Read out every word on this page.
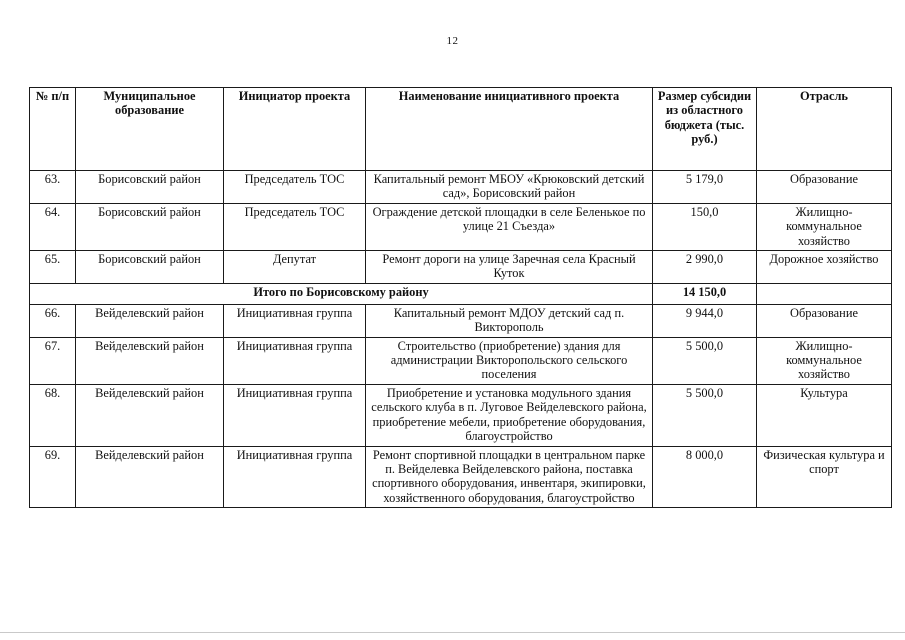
12
№ п/п	Муниципальное образование	Инициатор проекта	Наименование инициативного проекта	Размер субсидии из областного бюджета (тыс. руб.)	Отрасль
63.	Борисовский район	Председатель ТОС	Капитальный ремонт МБОУ «Крюковский детский сад», Борисовский район	5 179,0	Образование
64.	Борисовский район	Председатель ТОС	Ограждение детской площадки в селе Беленькое по улице 21 Съезда»	150,0	Жилищно-коммунальное хозяйство
65.	Борисовский район	Депутат	Ремонт дороги на улице Заречная села Красный Куток	2 990,0	Дорожное хозяйство
Итого по Борисовскому району				14 150,0	
66.	Вейделевский район	Инициативная группа	Капитальный ремонт МДОУ детский сад п. Викторополь	9 944,0	Образование
67.	Вейделевский район	Инициативная группа	Строительство (приобретение) здания для администрации Викторопольского сельского поселения	5 500,0	Жилищно-коммунальное хозяйство
68.	Вейделевский район	Инициативная группа	Приобретение и установка модульного здания сельского клуба в п. Луговое Вейделевского района, приобретение мебели, приобретение оборудования, благоустройство	5 500,0	Культура
69.	Вейделевский район	Инициативная группа	Ремонт спортивной площадки в центральном парке п. Вейделевка Вейделевского района, поставка спортивного оборудования, инвентаря, экипировки, хозяйственного оборудования, благоустройство	8 000,0	Физическая культура и спорт
